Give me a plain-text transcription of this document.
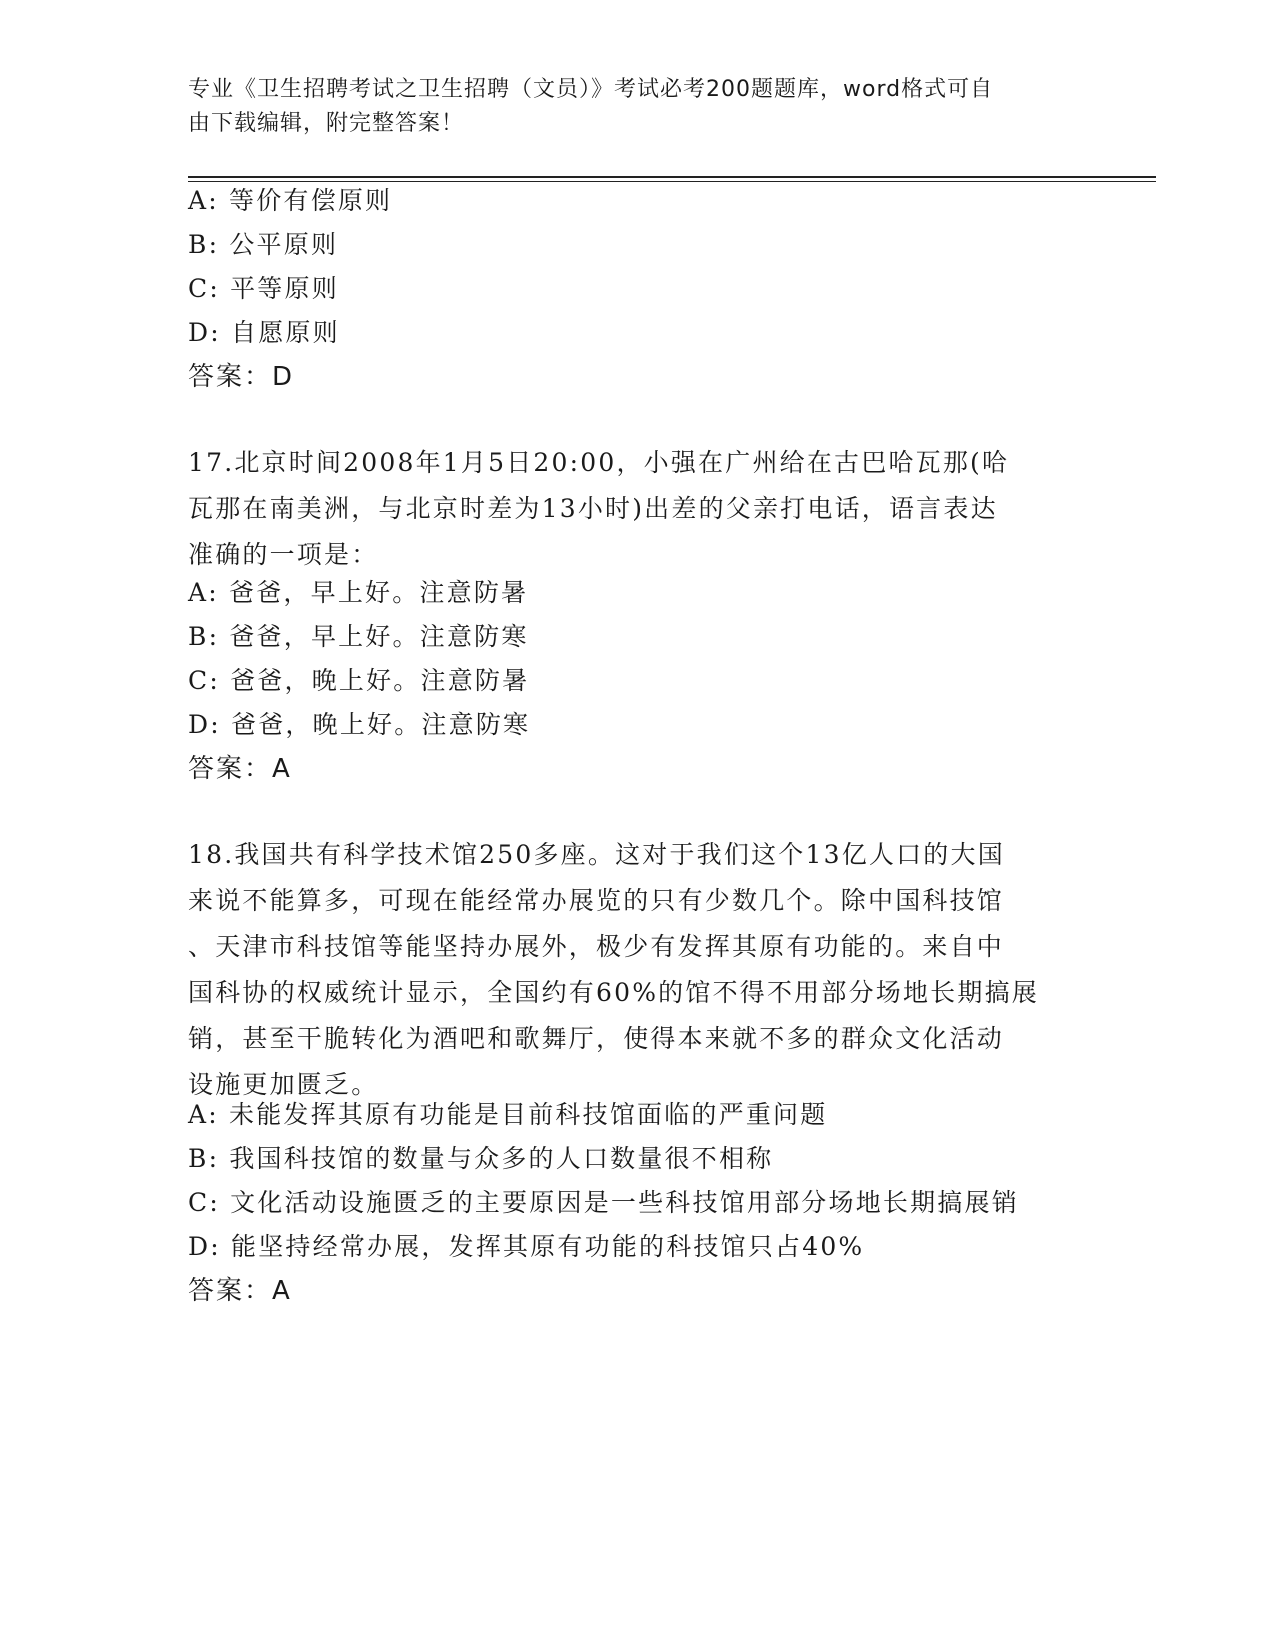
专业《卫生招聘考试之卫生招聘（文员）》考试必考200题题库，word格式可自
由下载编辑，附完整答案！
A: 等价有偿原则
B: 公平原则
C: 平等原则
D: 自愿原则
答案：D
17.北京时间2008年1月5日20:00，小强在广州给在古巴哈瓦那(哈
瓦那在南美洲，与北京时差为13小时)出差的父亲打电话，语言表达
准确的一项是：
A: 爸爸，早上好。注意防暑
B: 爸爸，早上好。注意防寒
C: 爸爸，晚上好。注意防暑
D: 爸爸，晚上好。注意防寒
答案：A
18.我国共有科学技术馆250多座。这对于我们这个13亿人口的大国
来说不能算多，可现在能经常办展览的只有少数几个。除中国科技馆
、天津市科技馆等能坚持办展外，极少有发挥其原有功能的。来自中
国科协的权威统计显示，全国约有60%的馆不得不用部分场地长期搞展
销，甚至干脆转化为酒吧和歌舞厅，使得本来就不多的群众文化活动
设施更加匮乏。
A: 未能发挥其原有功能是目前科技馆面临的严重问题
B: 我国科技馆的数量与众多的人口数量很不相称
C: 文化活动设施匮乏的主要原因是一些科技馆用部分场地长期搞展销
D: 能坚持经常办展，发挥其原有功能的科技馆只占40%
答案：A
